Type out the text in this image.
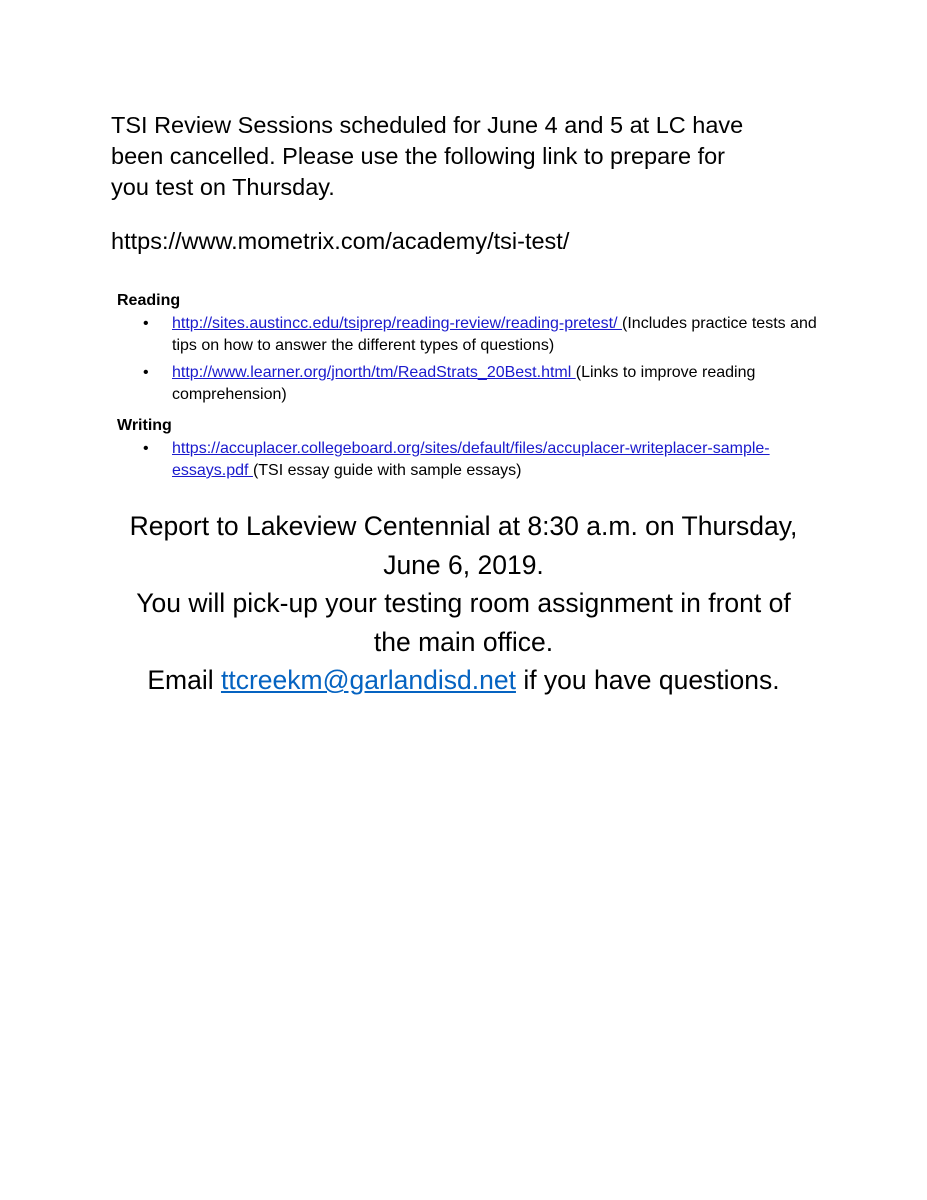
TSI Review Sessions scheduled for June 4 and 5 at LC have
been cancelled. Please use the following link to prepare for
you test on Thursday.

https://www.mometrix.com/academy/tsi-test/

Reading
• http://sites.austincc.edu/tsiprep/reading-review/reading-pretest/ (Includes practice tests and tips on how to answer the different types of questions)
• http://www.learner.org/jnorth/tm/ReadStrats_20Best.html (Links to improve reading comprehension)
Writing
• https://accuplacer.collegeboard.org/sites/default/files/accuplacer-writeplacer-sample-essays.pdf (TSI essay guide with sample essays)
Report to Lakeview Centennial at 8:30 a.m. on Thursday,
June 6, 2019.
You will pick-up your testing room assignment in front of
the main office.
Email ttcreekm@garlandisd.net if you have questions.
